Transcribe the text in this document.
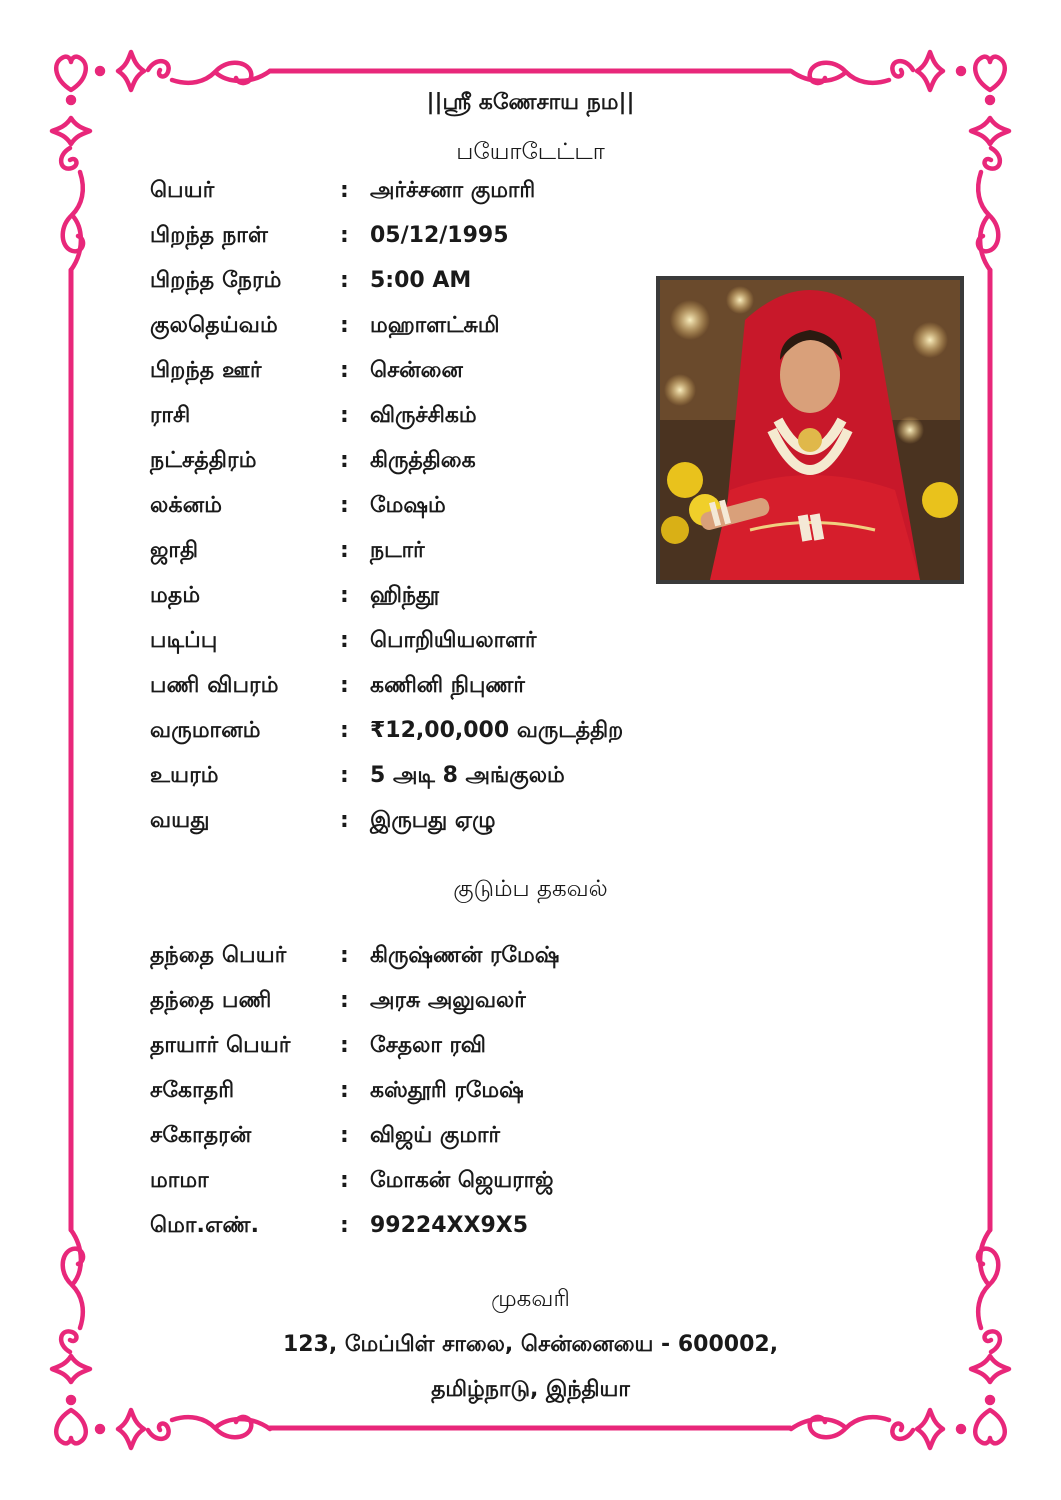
||ஸ்ரீ கணேசாய நம||
பயோடேட்டா
பெயர்	: அர்ச்சனா குமாரி
பிறந்த நாள்	: 05/12/1995
பிறந்த நேரம்	: 5:00 AM
குலதெய்வம்	: மஹாளட்சுமி
பிறந்த ஊர்	: சென்னை
ராசி	: விருச்சிகம்
நட்சத்திரம்	: கிருத்திகை
லக்னம்	: மேஷம்
ஜாதி	: நடார்
மதம்	: ஹிந்தூ
படிப்பு	: பொறியியலாளர்
பணி விபரம்	: கணினி நிபுணர்
வருமானம்	: ₹12,00,000 வருடத்திற
உயரம்	: 5 அடி 8 அங்குலம்
வயது	: இருபது ஏழு
குடும்ப தகவல்
தந்தை பெயர் : கிருஷ்ணன் ரமேஷ்
தந்தை பணி	: அரசு அலுவலர்
தாயார் பெயர் : சேதலா ரவி
சகோதரி	: கஸ்தூரி ரமேஷ்
சகோதரன்	: விஜய் குமார்
மாமா	: மோகன் ஜெயராஜ்
மொ.எண்.	: 99224XX9X5
முகவரி
123, மேப்பிள் சாலை, சென்னையை - 600002,
தமிழ்நாடு, இந்தியா
